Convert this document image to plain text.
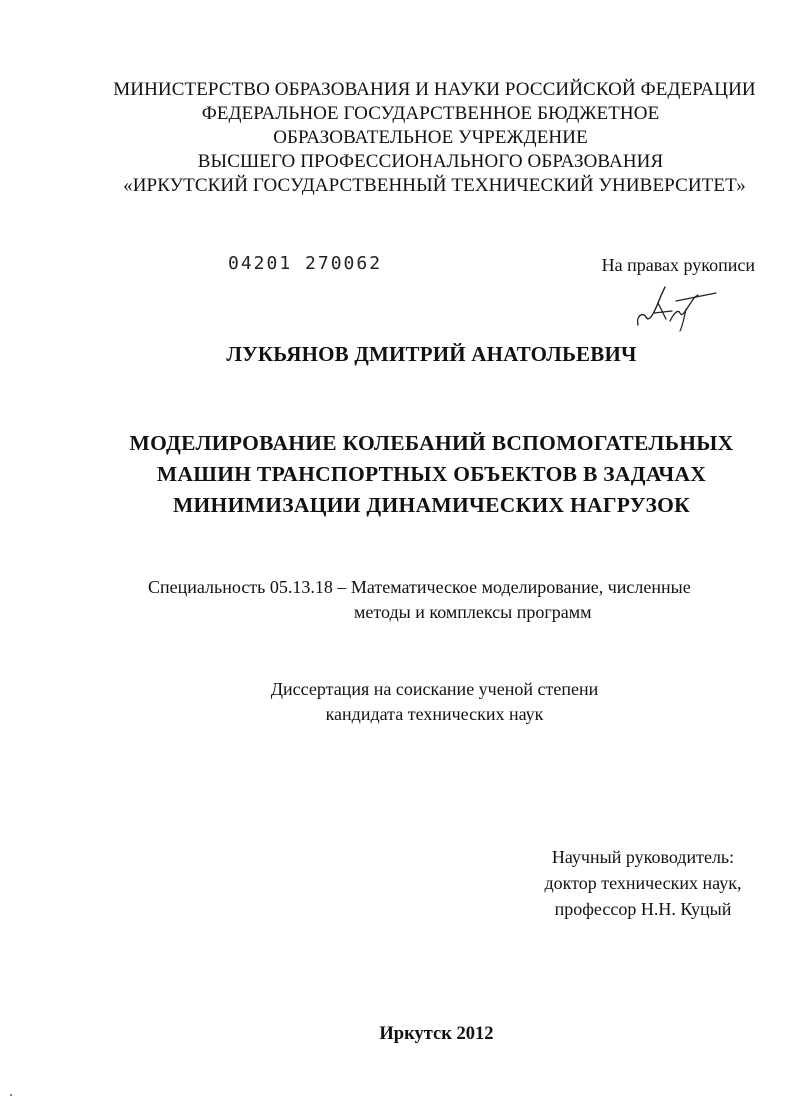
МИНИСТЕРСТВО ОБРАЗОВАНИЯ И НАУКИ РОССИЙСКОЙ ФЕДЕРАЦИИ
ФЕДЕРАЛЬНОЕ ГОСУДАРСТВЕННОЕ БЮДЖЕТНОЕ
ОБРАЗОВАТЕЛЬНОЕ УЧРЕЖДЕНИЕ
ВЫСШЕГО ПРОФЕССИОНАЛЬНОГО ОБРАЗОВАНИЯ
«ИРКУТСКИЙ ГОСУДАРСТВЕННЫЙ ТЕХНИЧЕСКИЙ УНИВЕРСИТЕТ»
04201 270062	На правах рукописи
ЛУКЬЯНОВ ДМИТРИЙ АНАТОЛЬЕВИЧ
МОДЕЛИРОВАНИЕ КОЛЕБАНИЙ ВСПОМОГАТЕЛЬНЫХ
МАШИН ТРАНСПОРТНЫХ ОБЪЕКТОВ В ЗАДАЧАХ
МИНИМИЗАЦИИ ДИНАМИЧЕСКИХ НАГРУЗОК
Специальность 05.13.18 – Математическое моделирование, численные
методы и комплексы программ
Диссертация на соискание ученой степени
кандидата технических наук
Научный руководитель:
доктор технических наук,
профессор Н.Н. Куцый
Иркутск 2012
